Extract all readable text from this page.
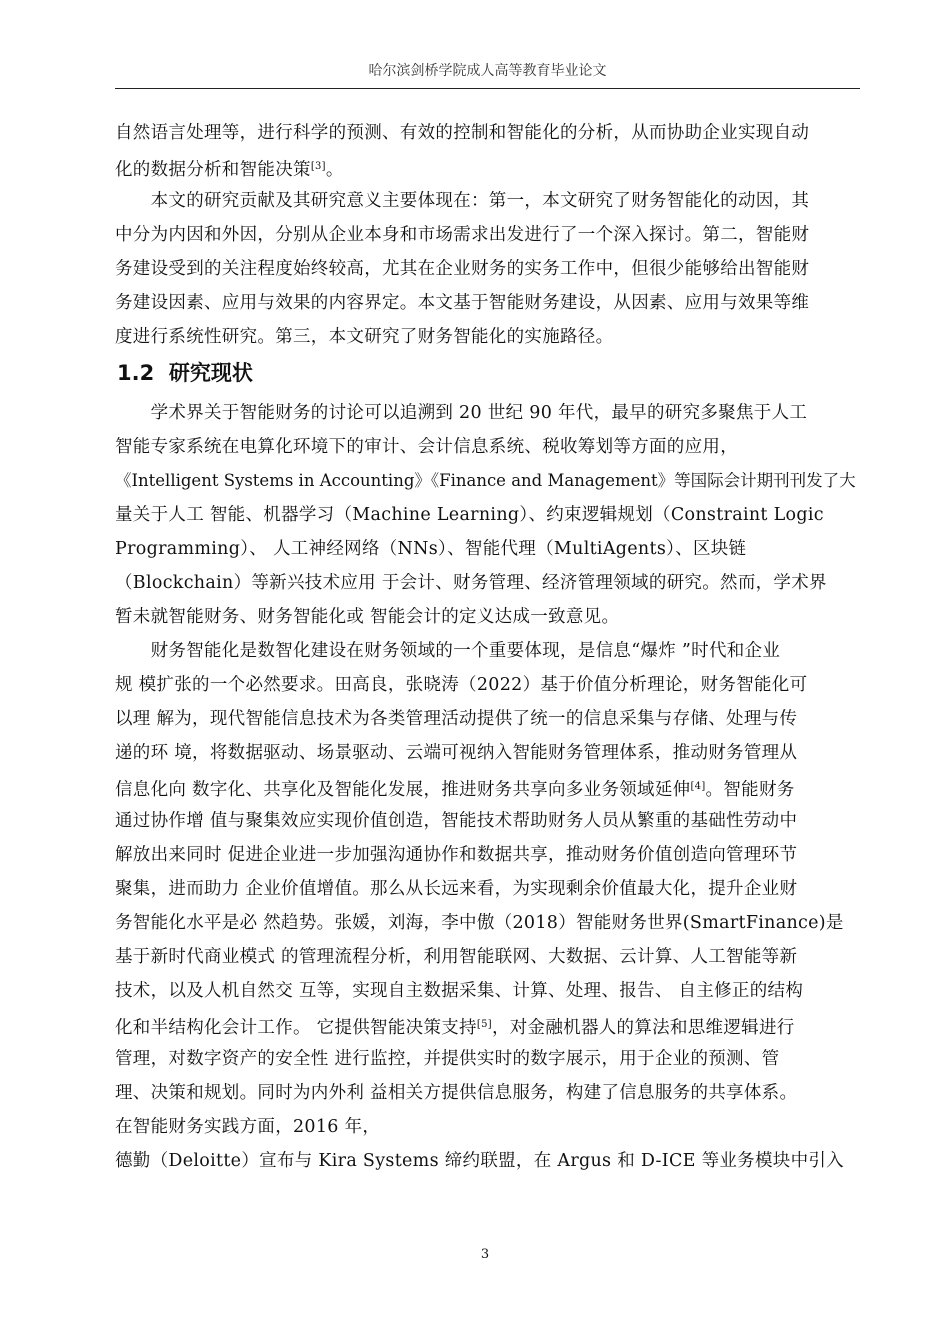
哈尔滨剑桥学院成人高等教育毕业论文
自然语言处理等，进行科学的预测、有效的控制和智能化的分析，从而协助企业实现自动
化的数据分析和智能决策[3]。
　　本文的研究贡献及其研究意义主要体现在：第一，本文研究了财务智能化的动因，其
中分为内因和外因，分别从企业本身和市场需求出发进行了一个深入探讨。第二，智能财
务建设受到的关注程度始终较高，尤其在企业财务的实务工作中，但很少能够给出智能财
务建设因素、应用与效果的内容界定。本文基于智能财务建设，从因素、应用与效果等维
度进行系统性研究。第三，本文研究了财务智能化的实施路径。
1.2 研究现状
　　学术界关于智能财务的讨论可以追溯到 20 世纪 90 年代，最早的研究多聚焦于人工
智能专家系统在电算化环境下的审计、会计信息系统、税收筹划等方面的应用，
《Intelligent Systems in Accounting》《Finance and Management》等国际会计期刊刊发了大
量关于人工 智能、机器学习（Machine Learning）、约束逻辑规划（Constraint Logic
Programming）、 人工神经网络（NNs）、智能代理（MultiAgents）、区块链
（Blockchain）等新兴技术应用 于会计、财务管理、经济管理领域的研究。然而，学术界
暂未就智能财务、财务智能化或 智能会计的定义达成一致意见。
　　财务智能化是数智化建设在财务领域的一个重要体现，是信息“爆炸 ”时代和企业
规 模扩张的一个必然要求。田高良，张晓涛（2022）基于价值分析理论，财务智能化可
以理 解为，现代智能信息技术为各类管理活动提供了统一的信息采集与存储、处理与传
递的环 境，将数据驱动、场景驱动、云端可视纳入智能财务管理体系，推动财务管理从
信息化向 数字化、共享化及智能化发展，推进财务共享向多业务领域延伸[4]。智能财务
通过协作增 值与聚集效应实现价值创造，智能技术帮助财务人员从繁重的基础性劳动中
解放出来同时 促进企业进一步加强沟通协作和数据共享，推动财务价值创造向管理环节
聚集，进而助力 企业价值增值。那么从长远来看，为实现剩余价值最大化，提升企业财
务智能化水平是必 然趋势。张媛，刘海，李中傲（2018）智能财务世界(SmartFinance)是
基于新时代商业模式 的管理流程分析，利用智能联网、大数据、云计算、人工智能等新
技术，以及人机自然交 互等，实现自主数据采集、计算、处理、报告、 自主修正的结构
化和半结构化会计工作。 它提供智能决策支持[5]，对金融机器人的算法和思维逻辑进行
管理，对数字资产的安全性 进行监控，并提供实时的数字展示，用于企业的预测、管
理、决策和规划。同时为内外利 益相关方提供信息服务，构建了信息服务的共享体系。
在智能财务实践方面，2016 年，
德勤（Deloitte）宣布与 Kira Systems 缔约联盟，在 Argus 和 D-ICE 等业务模块中引入
3
